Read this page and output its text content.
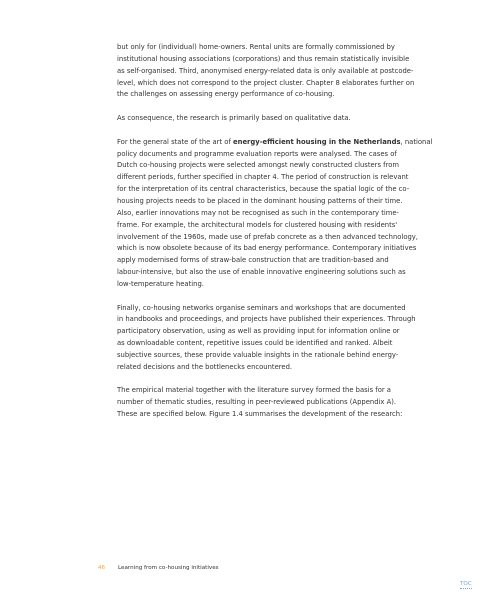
but only for (individual) home-owners. Rental units are formally commissioned by
institutional housing associations (corporations) and thus remain statistically invisible
as self-organised. Third, anonymised energy-related data is only available at postcode-
level, which does not correspond to the project cluster. Chapter 8 elaborates further on
the challenges on assessing energy performance of co-housing.

As consequence, the research is primarily based on qualitative data.

For the general state of the art of energy-efficient housing in the Netherlands, national
policy documents and programme evaluation reports were analysed. The cases of
Dutch co-housing projects were selected amongst newly constructed clusters from
different periods, further specified in chapter 4. The period of construction is relevant
for the interpretation of its central characteristics, because the spatial logic of the co-
housing projects needs to be placed in the dominant housing patterns of their time.
Also, earlier innovations may not be recognised as such in the contemporary time-
frame. For example, the architectural models for clustered housing with residents'
involvement of the 1960s, made use of prefab concrete as a then advanced technology,
which is now obsolete because of its bad energy performance. Contemporary initiatives
apply modernised forms of straw-bale construction that are tradition-based and
labour-intensive, but also the use of enable innovative engineering solutions such as
low-temperature heating.

Finally, co-housing networks organise seminars and workshops that are documented
in handbooks and proceedings, and projects have published their experiences. Through
participatory observation, using as well as providing input for information online or
as downloadable content, repetitive issues could be identified and ranked. Albeit
subjective sources, these provide valuable insights in the rationale behind energy-
related decisions and the bottlenecks encountered.

The empirical material together with the literature survey formed the basis for a
number of thematic studies, resulting in peer-reviewed publications (Appendix A).
These are specified below. Figure 1.4 summarises the development of the research:

46 Learning from co-housing initiatives
TOC
